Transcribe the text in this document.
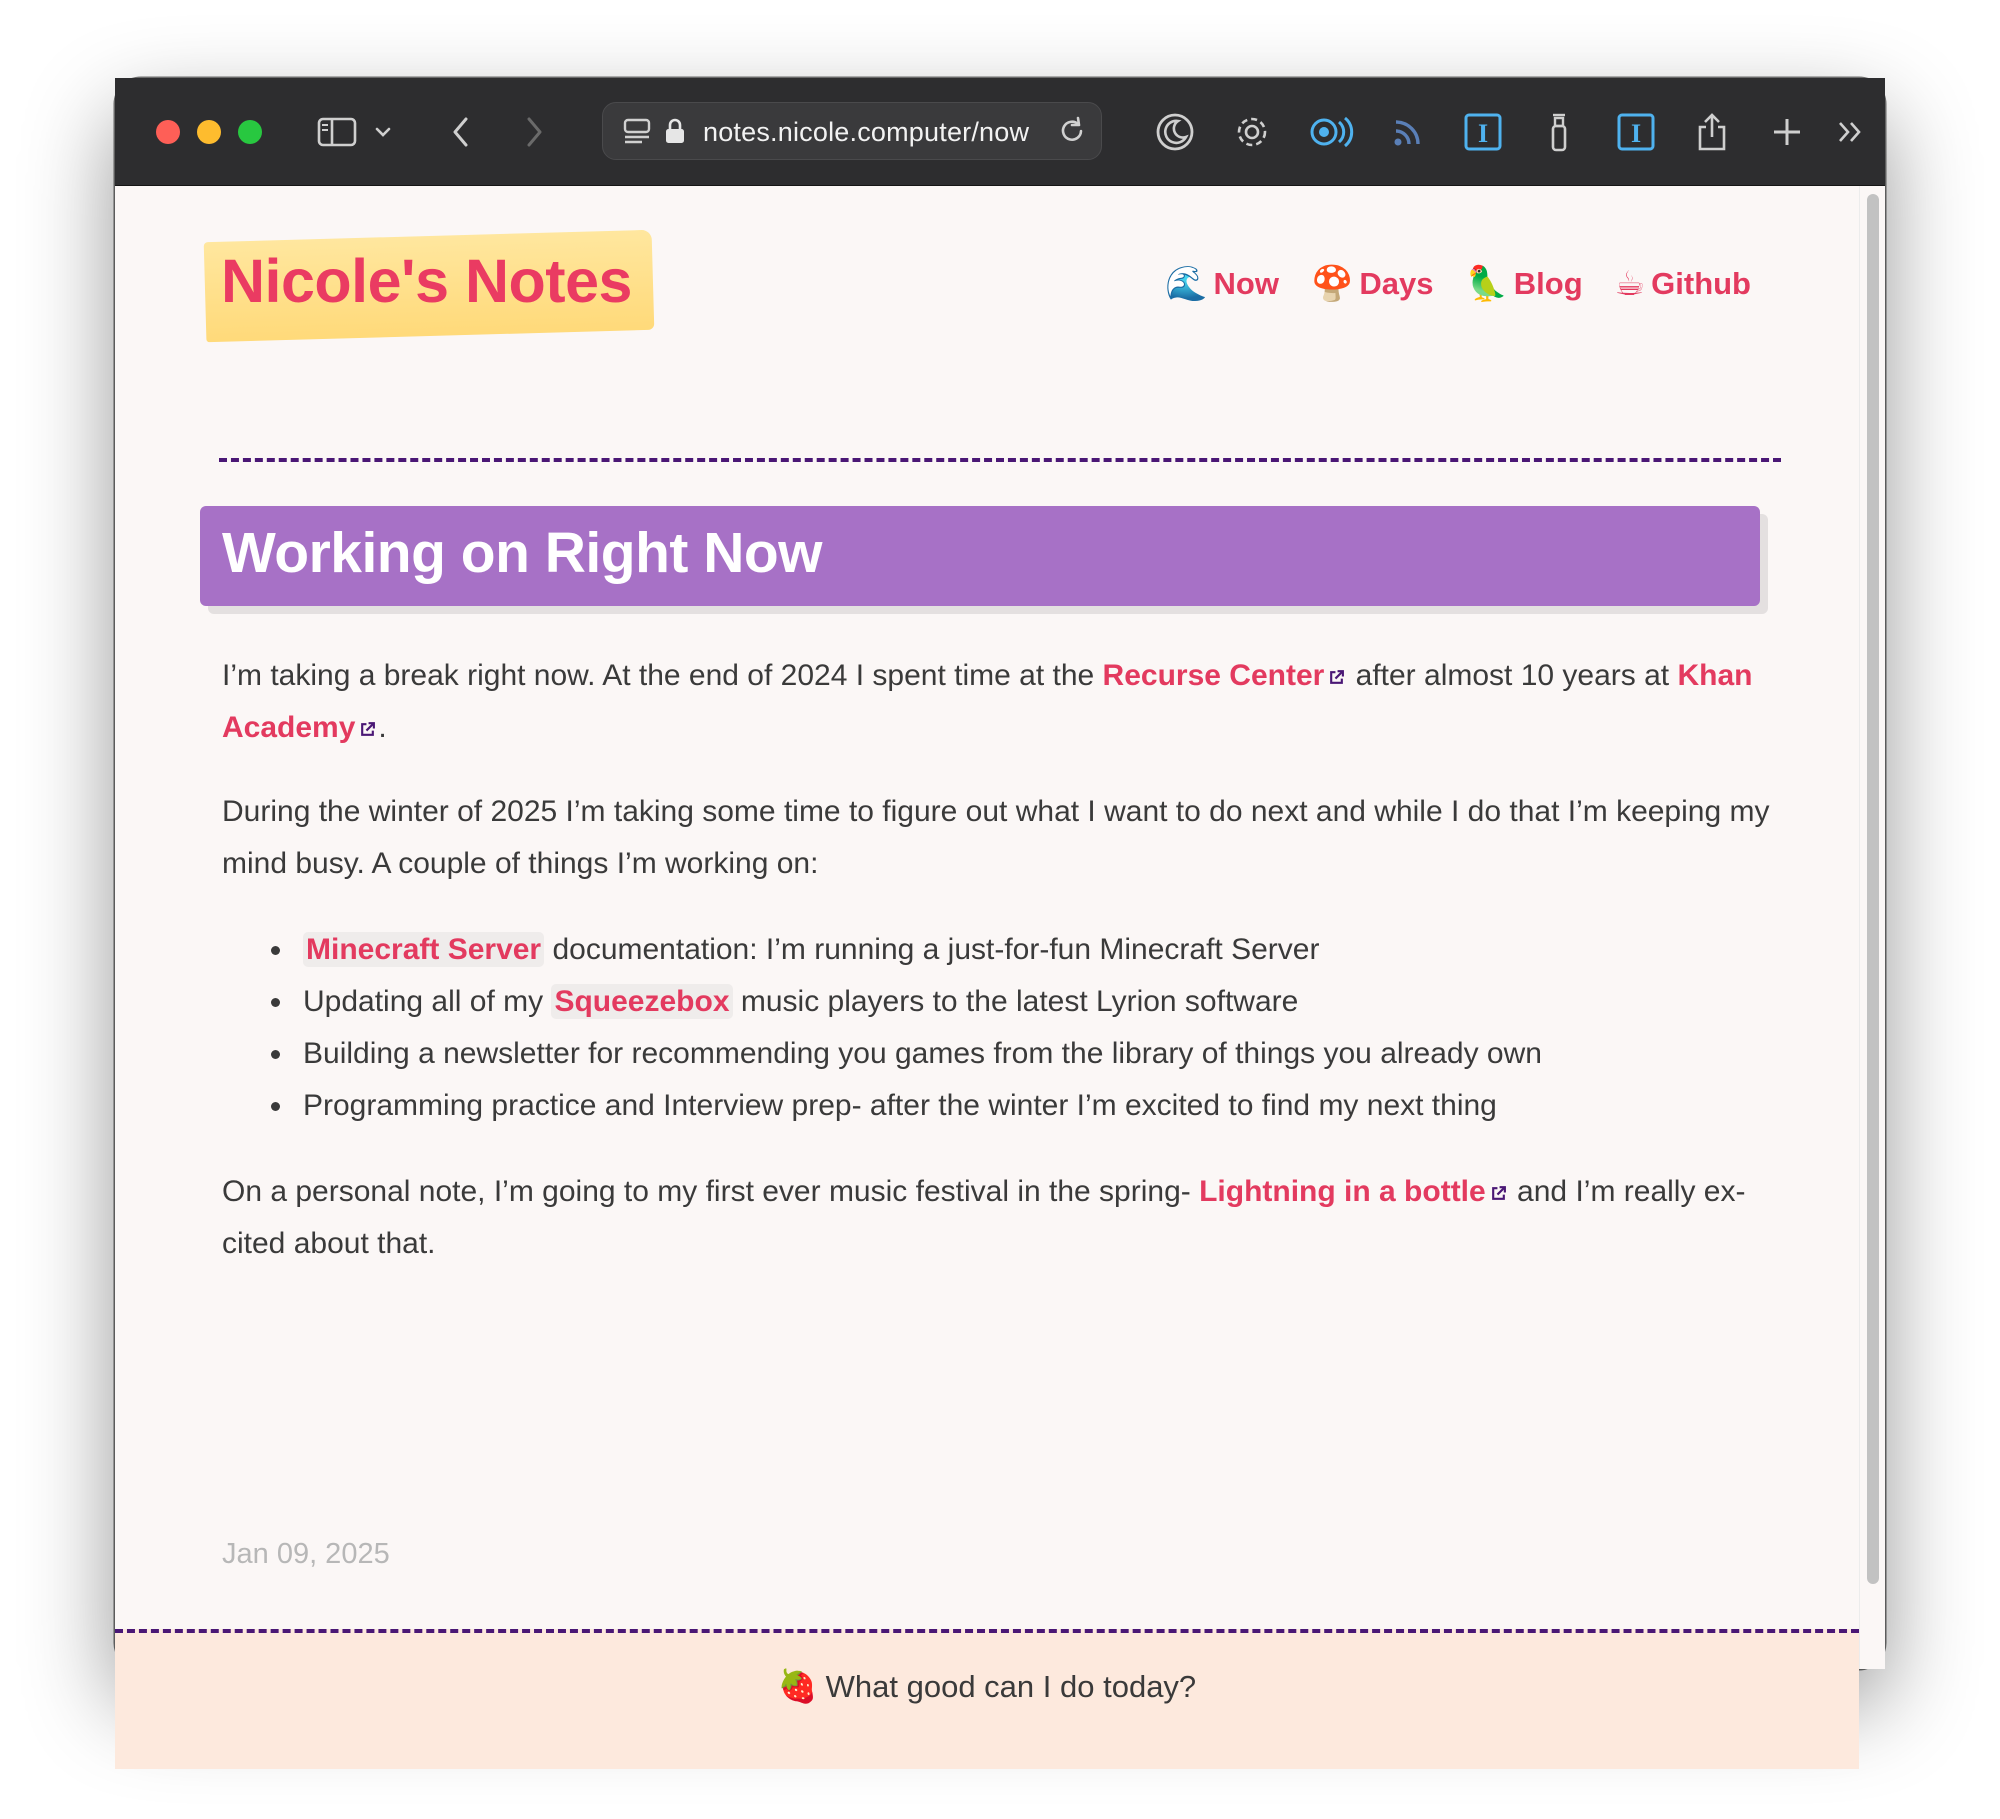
notes.nicole.computer/now	I	I
Nicole's Notes	🌊 Now 🍄 Days 🦜 Blog ☕ Github
Working on Right Now

I’m taking a break right now. At the end of 2024 I spent time at the Recurse Center after almost 10 years at Khan Academy .

During the winter of 2025 I’m taking some time to figure out what I want to do next and while I do that I’m keeping my mind busy. A couple of things I’m working on:

Minecraft Server documentation: I’m running a just-for-fun Minecraft Server
Updating all of my Squeezebox music players to the latest Lyrion software
Building a newsletter for recommending you games from the library of things you already own
Programming practice and Interview prep- after the winter I’m excited to find my next thing

On a personal note, I’m going to my first ever music festival in the spring- Lightning in a bottle and I’m really ex- cited about that.

Jan 09, 2025
🍓 What good can I do today?
